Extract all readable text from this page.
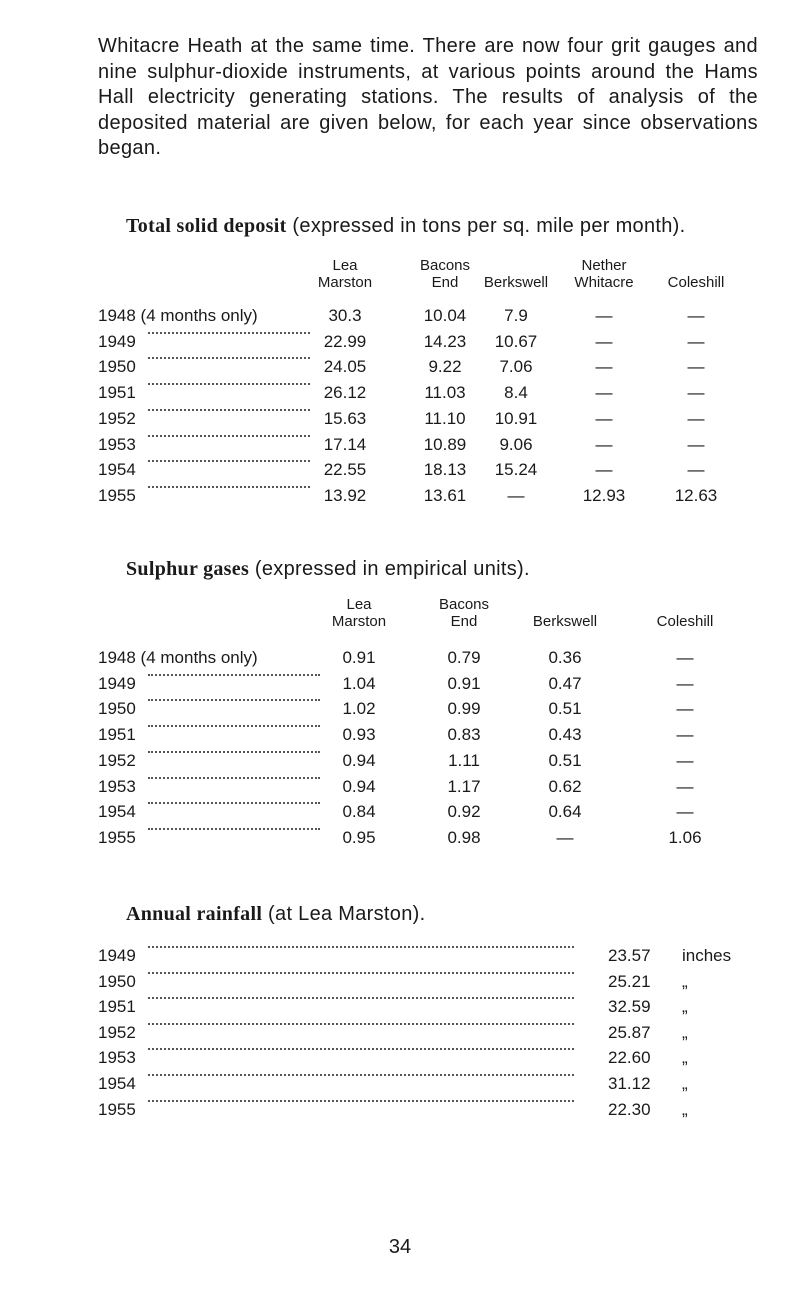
Whitacre Heath at the same time. There are now four grit gauges and nine sulphur-dioxide instruments, at various points around the Hams Hall electricity generating stations. The results of analysis of the deposited material are given below, for each year since observations began.

Total solid deposit (expressed in tons per sq. mile per month).
Lea
Marston
Bacons
End	Berkswell
Nether
Whitacre	Coleshill
1948 (4 months only)	30.3	10.04	7.9	—	—
1949	22.99	14.23	10.67	—	—
1950	24.05	9.22	7.06	—	—
1951	26.12	11.03	8.4	—	—
1952	15.63	11.10	10.91	—	—
1953	17.14	10.89	9.06	—	—
1954	22.55	18.13	15.24	—	—
1955	13.92	13.61	—	12.93	12.63
Sulphur gases (expressed in empirical units).
Lea
Marston
Bacons
End	Berkswell	Coleshill
1948 (4 months only)	0.91	0.79	0.36	—
1949	1.04	0.91	0.47	—
1950	1.02	0.99	0.51	—
1951	0.93	0.83	0.43	—
1952	0.94	1.11	0.51	—
1953	0.94	1.17	0.62	—
1954	0.84	0.92	0.64	—
1955	0.95	0.98	—	1.06
Annual rainfall (at Lea Marston).
1949	23.57 inches
1950	25.21 „
1951	32.59 „
1952	25.87 „
1953	22.60 „
1954	31.12 „
1955	22.30 „
34
